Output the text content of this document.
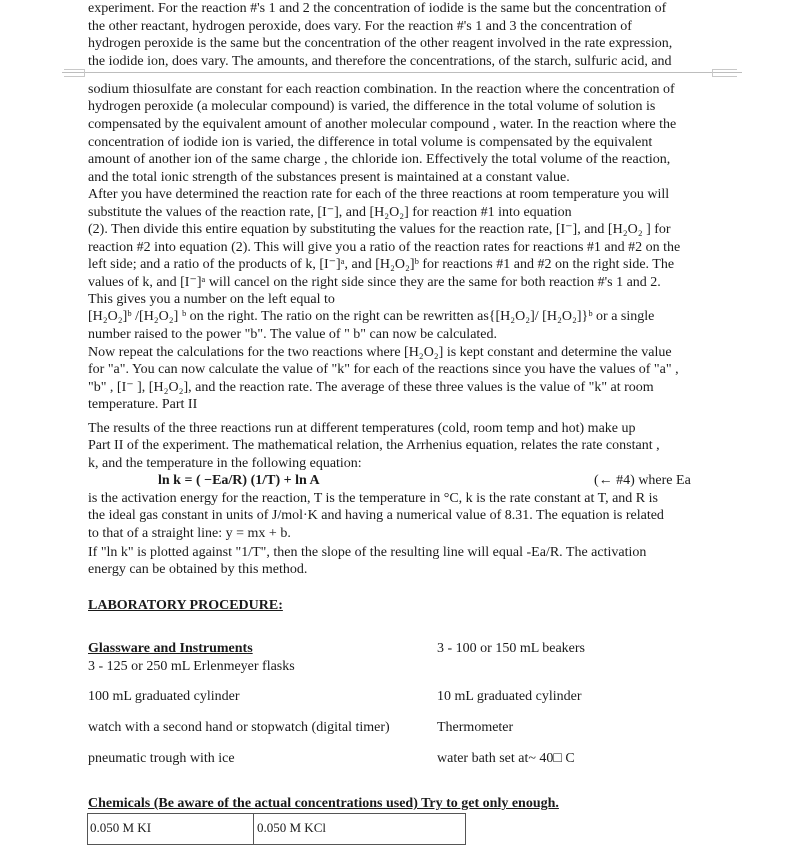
experiment. For the reaction #'s 1 and 2 the concentration of iodide is the same but the concentration of
the other reactant, hydrogen peroxide, does vary. For the reaction #'s 1 and 3 the concentration of
hydrogen peroxide is the same but the concentration of the other reagent involved in the rate expression,
the iodide ion, does vary. The amounts, and therefore the concentrations, of the starch, sulfuric acid, and
sodium thiosulfate are constant for each reaction combination. In the reaction where the concentration of
hydrogen peroxide (a molecular compound) is varied, the difference in the total volume of solution is
compensated by the equivalent amount of another molecular compound , water. In the reaction where the
concentration of iodide ion is varied, the difference in total volume is compensated by the equivalent
amount of another ion of the same charge , the chloride ion. Effectively the total volume of the reaction,
and the total ionic strength of the substances present is maintained at a constant value.
After you have determined the reaction rate for each of the three reactions at room temperature you will
substitute the values of the reaction rate, [I⁻], and [H₂O₂] for reaction #1 into equation
(2). Then divide this entire equation by substituting the values for the reaction rate, [I⁻], and [H₂O₂ ] for
reaction #2 into equation (2). This will give you a ratio of the reaction rates for reactions #1 and #2 on the
left side; and a ratio of the products of k, [I⁻]ᵃ, and [H₂O₂]ᵇ for reactions #1 and #2 on the right side. The
values of k, and [I⁻]ᵃ will cancel on the right side since they are the same for both reaction #'s 1 and 2.
This gives you a number on the left equal to
[H₂O₂]ᵇ /[H₂O₂] ᵇ on the right. The ratio on the right can be rewritten as{[H₂O₂]/ [H₂O₂]}ᵇ or a single
number raised to the power "b". The value of " b" can now be calculated.
Now repeat the calculations for the two reactions where [H₂O₂] is kept constant and determine the value
for "a". You can now calculate the value of "k" for each of the reactions since you have the values of "a" ,
"b" , [I⁻ ], [H₂O₂], and the reaction rate. The average of these three values is the value of "k" at room
temperature. Part II
The results of the three reactions run at different temperatures (cold, room temp and hot) make up
Part II of the experiment. The mathematical relation, the Arrhenius equation, relates the rate constant ,
k, and the temperature in the following equation:
ln k = ( −Ea/R) (1/T) + ln A	(← #4) where Ea
is the activation energy for the reaction, T is the temperature in °C, k is the rate constant at T, and R is
the ideal gas constant in units of J/mol·K and having a numerical value of 8.31. The equation is related
to that of a straight line: y = mx + b.
If "ln k" is plotted against "1/T", then the slope of the resulting line will equal -Ea/R. The activation
energy can be obtained by this method.
LABORATORY PROCEDURE:
Glassware and Instruments
3 - 125 or 250 mL Erlenmeyer flasks
100 mL graduated cylinder
watch with a second hand or stopwatch (digital timer)
pneumatic trough with ice
3 - 100 or 150 mL beakers
10 mL graduated cylinder
Thermometer
water bath set at~ 40□ C
Chemicals (Be aware of the actual concentrations used) Try to get only enough.
0.050 M KI	0.050 M KCl
